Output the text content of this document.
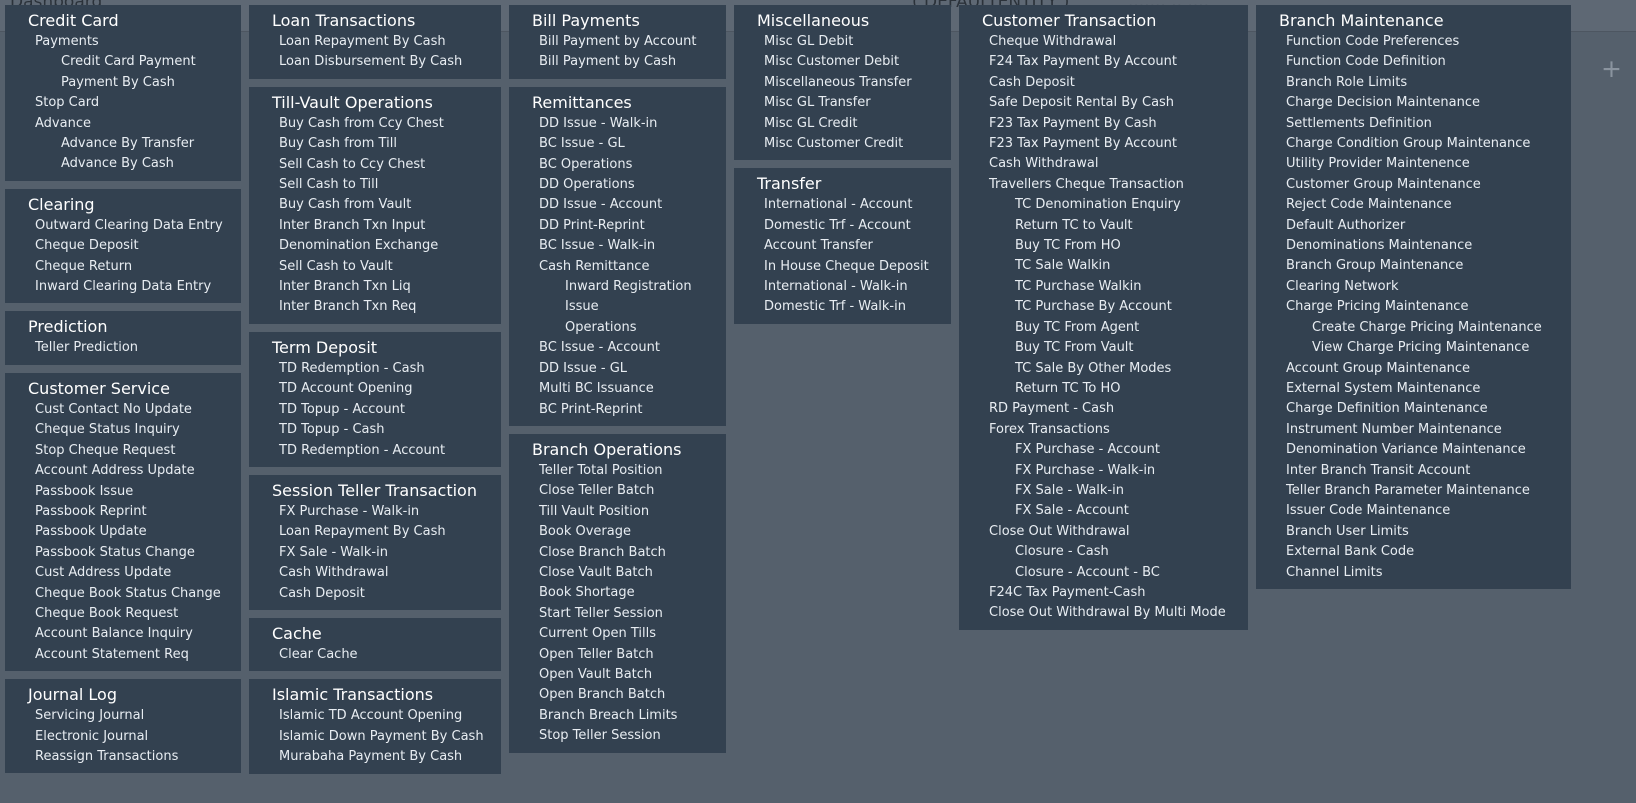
+
Credit Card
Payments
Credit Card Payment
Payment By Cash
Stop Card
Advance
Advance By Transfer
Advance By Cash
Clearing
Outward Clearing Data Entry
Cheque Deposit
Cheque Return
Inward Clearing Data Entry
Prediction
Teller Prediction
Customer Service
Cust Contact No Update
Cheque Status Inquiry
Stop Cheque Request
Account Address Update
Passbook Issue
Passbook Reprint
Passbook Update
Passbook Status Change
Cust Address Update
Cheque Book Status Change
Cheque Book Request
Account Balance Inquiry
Account Statement Req
Journal Log
Servicing Journal
Electronic Journal
Reassign Transactions
Loan Transactions
Loan Repayment By Cash
Loan Disbursement By Cash
Till-Vault Operations
Buy Cash from Ccy Chest
Buy Cash from Till
Sell Cash to Ccy Chest
Sell Cash to Till
Buy Cash from Vault
Inter Branch Txn Input
Denomination Exchange
Sell Cash to Vault
Inter Branch Txn Liq
Inter Branch Txn Req
Term Deposit
TD Redemption - Cash
TD Account Opening
TD Topup - Account
TD Topup - Cash
TD Redemption - Account
Session Teller Transaction
FX Purchase - Walk-in
Loan Repayment By Cash
FX Sale - Walk-in
Cash Withdrawal
Cash Deposit
Cache
Clear Cache
Islamic Transactions
Islamic TD Account Opening
Islamic Down Payment By Cash
Murabaha Payment By Cash
Bill Payments
Bill Payment by Account
Bill Payment by Cash
Remittances
DD Issue - Walk-in
BC Issue - GL
BC Operations
DD Operations
DD Issue - Account
DD Print-Reprint
BC Issue - Walk-in
Cash Remittance
Inward Registration
Issue
Operations
BC Issue - Account
DD Issue - GL
Multi BC Issuance
BC Print-Reprint
Branch Operations
Teller Total Position
Close Teller Batch
Till Vault Position
Book Overage
Close Branch Batch
Close Vault Batch
Book Shortage
Start Teller Session
Current Open Tills
Open Teller Batch
Open Vault Batch
Open Branch Batch
Branch Breach Limits
Stop Teller Session
Miscellaneous
Misc GL Debit
Misc Customer Debit
Miscellaneous Transfer
Misc GL Transfer
Misc GL Credit
Misc Customer Credit
Transfer
International - Account
Domestic Trf - Account
Account Transfer
In House Cheque Deposit
International - Walk-in
Domestic Trf - Walk-in
Customer Transaction
Cheque Withdrawal
F24 Tax Payment By Account
Cash Deposit
Safe Deposit Rental By Cash
F23 Tax Payment By Cash
F23 Tax Payment By Account
Cash Withdrawal
Travellers Cheque Transaction
TC Denomination Enquiry
Return TC to Vault
Buy TC From HO
TC Sale Walkin
TC Purchase Walkin
TC Purchase By Account
Buy TC From Agent
Buy TC From Vault
TC Sale By Other Modes
Return TC To HO
RD Payment - Cash
Forex Transactions
FX Purchase - Account
FX Purchase - Walk-in
FX Sale - Walk-in
FX Sale - Account
Close Out Withdrawal
Closure - Cash
Closure - Account - BC
F24C Tax Payment-Cash
Close Out Withdrawal By Multi Mode
Branch Maintenance
Function Code Preferences
Function Code Definition
Branch Role Limits
Charge Decision Maintenance
Settlements Definition
Charge Condition Group Maintenance
Utility Provider Maintenence
Customer Group Maintenance
Reject Code Maintenance
Default Authorizer
Denominations Maintenance
Branch Group Maintenance
Clearing Network
Charge Pricing Maintenance
Create Charge Pricing Maintenance
View Charge Pricing Maintenance
Account Group Maintenance
External System Maintenance
Charge Definition Maintenance
Instrument Number Maintenance
Denomination Variance Maintenance
Inter Branch Transit Account
Teller Branch Parameter Maintenance
Issuer Code Maintenance
Branch User Limits
External Bank Code
Channel Limits
